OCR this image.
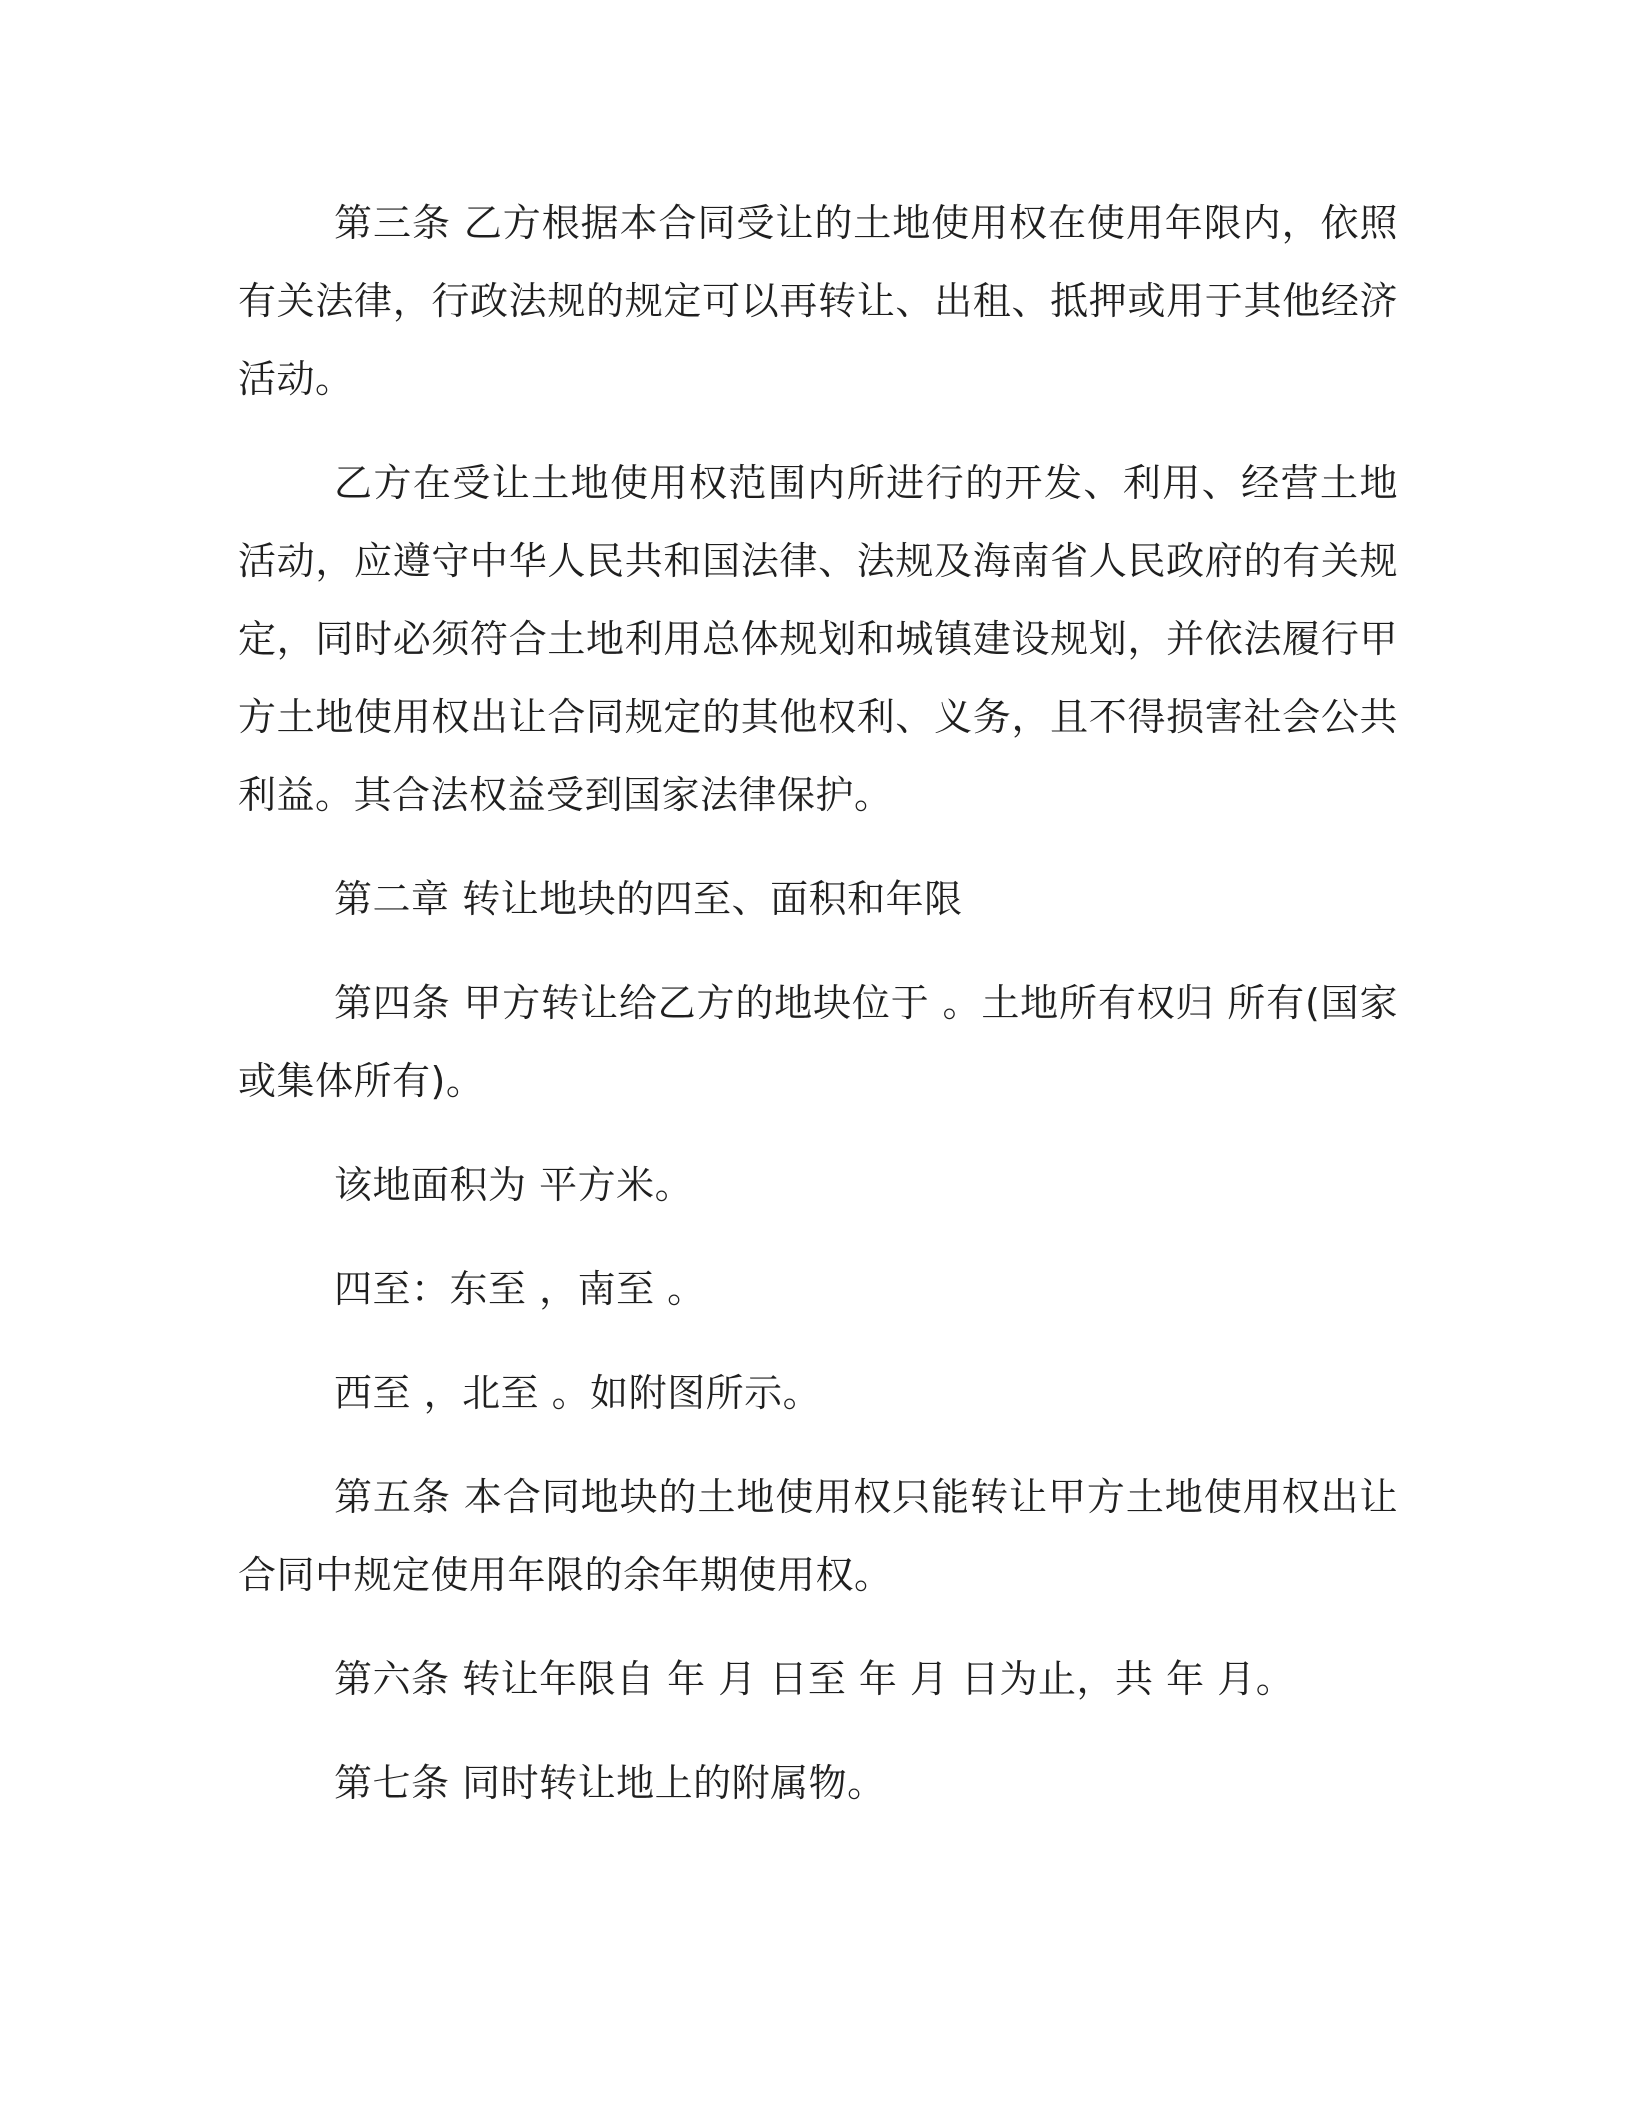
第三条 乙方根据本合同受让的土地使用权在使用年限内，依照有关法律，行政法规的规定可以再转让、出租、抵押或用于其他经济活动。

乙方在受让土地使用权范围内所进行的开发、利用、经营土地活动，应遵守中华人民共和国法律、法规及海南省人民政府的有关规定，同时必须符合土地利用总体规划和城镇建设规划，并依法履行甲方土地使用权出让合同规定的其他权利、义务，且不得损害社会公共利益。其合法权益受到国家法律保护。

第二章 转让地块的四至、面积和年限

第四条 甲方转让给乙方的地块位于 。土地所有权归 所有(国家或集体所有)。

该地面积为 平方米。

四至：东至 ，南至 。

西至 ，北至 。如附图所示。

第五条 本合同地块的土地使用权只能转让甲方土地使用权出让合同中规定使用年限的余年期使用权。

第六条 转让年限自 年 月 日至 年 月 日为止，共 年 月。

第七条 同时转让地上的附属物。
